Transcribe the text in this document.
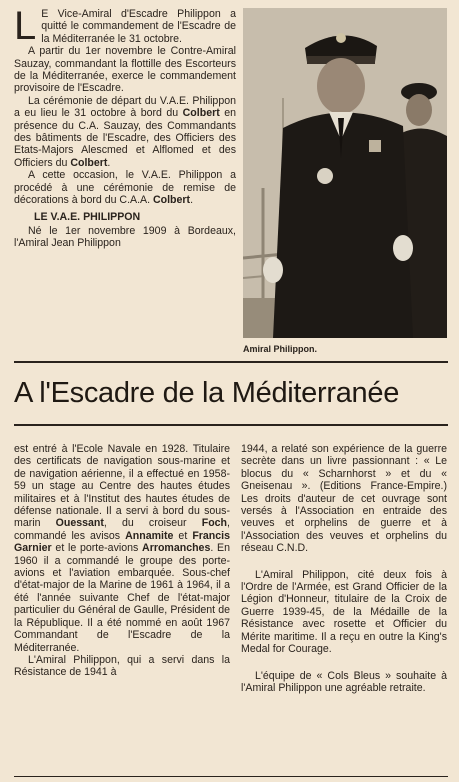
L E Vice-Amiral d'Escadre Philippon a quitté le commandement de l'Escadre de la Méditerranée le 31 octobre.

A partir du 1er novembre le Contre-Amiral Sauzay, commandant la flottille des Escorteurs de la Méditerranée, exerce le commandement provisoire de l'Escadre.

La cérémonie de départ du V.A.E. Philippon a eu lieu le 31 octobre à bord du Colbert en présence du C.A. Sauzay, des Commandants des bâtiments de l'Escadre, des Officiers des Etats-Majors Alescmed et Alflomed et des Officiers du Colbert.

A cette occasion, le V.A.E. Philippon a procédé à une cérémonie de remise de décorations à bord du C.A.A. Colbert.

LE V.A.E. PHILIPPON

Né le 1er novembre 1909 à Bordeaux, l'Amiral Jean Philippon

Amiral Philippon.
A l'Escadre de la Méditerranée

est entré à l'Ecole Navale en 1928. Titulaire des certificats de navigation sous-marine et de navigation aérienne, il a effectué en 1958-59 un stage au Centre des hautes études militaires et à l'Institut des hautes études de défense nationale. Il a servi à bord du sous-marin Ouessant, du croiseur Foch, commandé les avisos Annamite et Francis Garnier et le porte-avions Arromanches. En 1960 il a commandé le groupe des porte-avions et l'aviation embarquée. Sous-chef d'état-major de la Marine de 1961 à 1964, il a été l'année suivante Chef de l'état-major particulier du Général de Gaulle, Président de la République. Il a été nommé en août 1967 Commandant de l'Escadre de la Méditerranée.

L'Amiral Philippon, qui a servi dans la Résistance de 1941 à

1944, a relaté son expérience de la guerre secrète dans un livre passionnant : « Le blocus du « Scharnhorst » et du « Gneisenau ». (Editions France-Empire.) Les droits d'auteur de cet ouvrage sont versés à l'Association en entraide des veuves et orphelins de guerre et à l'Association des veuves et orphelins du réseau C.N.D.

L'Amiral Philippon, cité deux fois à l'Ordre de l'Armée, est Grand Officier de la Légion d'Honneur, titulaire de la Croix de Guerre 1939-45, de la Médaille de la Résistance avec rosette et Officier du Mérite maritime. Il a reçu en outre la King's Medal for Courage.

L'équipe de « Cols Bleus » souhaite à l'Amiral Philippon une agréable retraite.
